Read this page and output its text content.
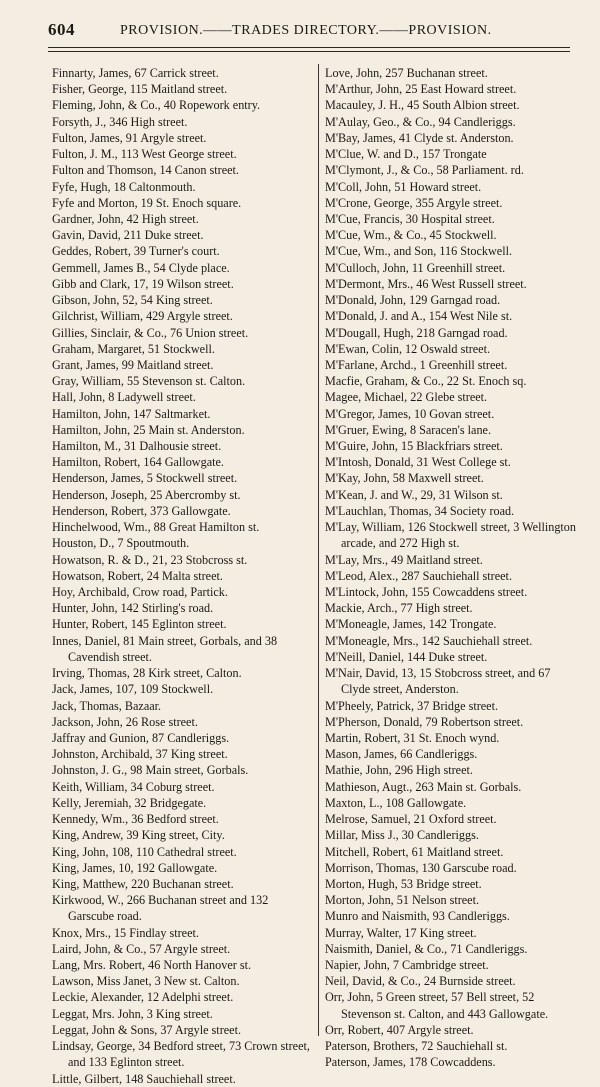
604	PROVISION.——TRADES DIRECTORY.——PROVISION.
Finnarty, James, 67 Carrick street.
Fisher, George, 115 Maitland street.
Fleming, John, & Co., 40 Ropework entry.
Forsyth, J., 346 High street.
Fulton, James, 91 Argyle street.
Fulton, J. M., 113 West George street.
Fulton and Thomson, 14 Canon street.
Fyfe, Hugh, 18 Caltonmouth.
Fyfe and Morton, 19 St. Enoch square.
Gardner, John, 42 High street.
Gavin, David, 211 Duke street.
Geddes, Robert, 39 Turner's court.
Gemmell, James B., 54 Clyde place.
Gibb and Clark, 17, 19 Wilson street.
Gibson, John, 52, 54 King street.
Gilchrist, William, 429 Argyle street.
Gillies, Sinclair, & Co., 76 Union street.
Graham, Margaret, 51 Stockwell.
Grant, James, 99 Maitland street.
Gray, William, 55 Stevenson st. Calton.
Hall, John, 8 Ladywell street.
Hamilton, John, 147 Saltmarket.
Hamilton, John, 25 Main st. Anderston.
Hamilton, M., 31 Dalhousie street.
Hamilton, Robert, 164 Gallowgate.
Henderson, James, 5 Stockwell street.
Henderson, Joseph, 25 Abercromby st.
Henderson, Robert, 373 Gallowgate.
Hinchelwood, Wm., 88 Great Hamilton st.
Houston, D., 7 Spoutmouth.
Howatson, R. & D., 21, 23 Stobcross st.
Howatson, Robert, 24 Malta street.
Hoy, Archibald, Crow road, Partick.
Hunter, John, 142 Stirling's road.
Hunter, Robert, 145 Eglinton street.
Innes, Daniel, 81 Main street, Gorbals, and 38 Cavendish street.
Irving, Thomas, 28 Kirk street, Calton.
Jack, James, 107, 109 Stockwell.
Jack, Thomas, Bazaar.
Jackson, John, 26 Rose street.
Jaffray and Gunion, 87 Candleriggs.
Johnston, Archibald, 37 King street.
Johnston, J. G., 98 Main street, Gorbals.
Keith, William, 34 Coburg street.
Kelly, Jeremiah, 32 Bridgegate.
Kennedy, Wm., 36 Bedford street.
King, Andrew, 39 King street, City.
King, John, 108, 110 Cathedral street.
King, James, 10, 192 Gallowgate.
King, Matthew, 220 Buchanan street.
Kirkwood, W., 266 Buchanan street and 132 Garscube road.
Knox, Mrs., 15 Findlay street.
Laird, John, & Co., 57 Argyle street.
Lang, Mrs. Robert, 46 North Hanover st.
Lawson, Miss Janet, 3 New st. Calton.
Leckie, Alexander, 12 Adelphi street.
Leggat, Mrs. John, 3 King street.
Leggat, John & Sons, 37 Argyle street.
Lindsay, George, 34 Bedford street, 73 Crown street, and 133 Eglinton street.
Little, Gilbert, 148 Sauchiehall street.
Love, John, 257 Buchanan street.
M'Arthur, John, 25 East Howard street.
Macauley, J. H., 45 South Albion street.
M'Aulay, Geo., & Co., 94 Candleriggs.
M'Bay, James, 41 Clyde st. Anderston.
M'Clue, W. and D., 157 Trongate
M'Clymont, J., & Co., 58 Parliament. rd.
M'Coll, John, 51 Howard street.
M'Crone, George, 355 Argyle street.
M'Cue, Francis, 30 Hospital street.
M'Cue, Wm., & Co., 45 Stockwell.
M'Cue, Wm., and Son, 116 Stockwell.
M'Culloch, John, 11 Greenhill street.
M'Dermont, Mrs., 46 West Russell street.
M'Donald, John, 129 Garngad road.
M'Donald, J. and A., 154 West Nile st.
M'Dougall, Hugh, 218 Garngad road.
M'Ewan, Colin, 12 Oswald street.
M'Farlane, Archd., 1 Greenhill street.
Macfie, Graham, & Co., 22 St. Enoch sq.
Magee, Michael, 22 Glebe street.
M'Gregor, James, 10 Govan street.
M'Gruer, Ewing, 8 Saracen's lane.
M'Guire, John, 15 Blackfriars street.
M'Intosh, Donald, 31 West College st.
M'Kay, John, 58 Maxwell street.
M'Kean, J. and W., 29, 31 Wilson st.
M'Lauchlan, Thomas, 34 Society road.
M'Lay, William, 126 Stockwell street, 3 Wellington arcade, and 272 High st.
M'Lay, Mrs., 49 Maitland street.
M'Leod, Alex., 287 Sauchiehall street.
M'Lintock, John, 155 Cowcaddens street.
Mackie, Arch., 77 High street.
M'Moneagle, James, 142 Trongate.
M'Moneagle, Mrs., 142 Sauchiehall street.
M'Neill, Daniel, 144 Duke street.
M'Nair, David, 13, 15 Stobcross street, and 67 Clyde street, Anderston.
M'Pheely, Patrick, 37 Bridge street.
M'Pherson, Donald, 79 Robertson street.
Martin, Robert, 31 St. Enoch wynd.
Mason, James, 66 Candleriggs.
Mathie, John, 296 High street.
Mathieson, Augt., 263 Main st. Gorbals.
Maxton, L., 108 Gallowgate.
Melrose, Samuel, 21 Oxford street.
Millar, Miss J., 30 Candleriggs.
Mitchell, Robert, 61 Maitland street.
Morrison, Thomas, 130 Garscube road.
Morton, Hugh, 53 Bridge street.
Morton, John, 51 Nelson street.
Munro and Naismith, 93 Candleriggs.
Murray, Walter, 17 King street.
Naismith, Daniel, & Co., 71 Candleriggs.
Napier, John, 7 Cambridge street.
Neil, David, & Co., 24 Burnside street.
Orr, John, 5 Green street, 57 Bell street, 52 Stevenson st. Calton, and 443 Gallowgate.
Orr, Robert, 407 Argyle street.
Paterson, Brothers, 72 Sauchiehall st.
Paterson, James, 178 Cowcaddens.
